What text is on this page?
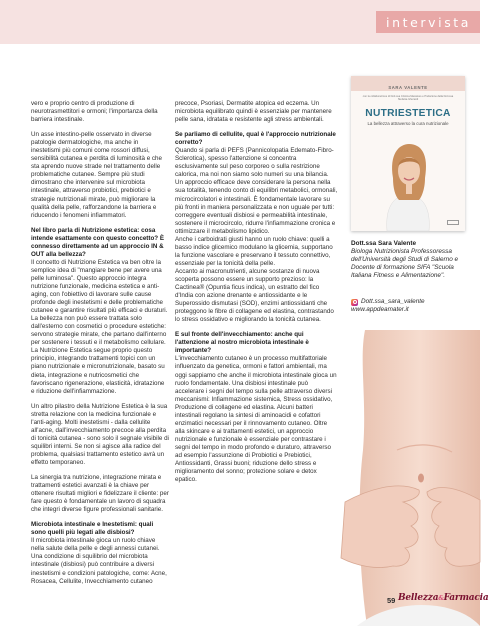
intervista

vero e proprio centro di produzione di neurotrasmettitori e ormoni; l'importanza della barriera intestinale.

Un asse intestino-pelle osservato in diverse patologie dermatologiche, ma anche in inestetismi più comuni come rossori diffusi, sensibilità cutanea e perdita di luminosità e che sta aprendo nuove strade nel trattamento delle problematiche cutanee. Sempre più studi dimostrano che intervenire sul microbiota intestinale, attraverso probiotici, prebiotici e strategie nutrizionali mirate, può migliorare la qualità della pelle, rafforzandone la barriera e riducendo i fenomeni infiammatori.

Nel libro parla di Nutrizione estetica: cosa intende esattamente con questo concetto? È connesso direttamente ad un approccio IN & OUT alla bellezza?

Il concetto di Nutrizione Estetica va ben oltre la semplice idea di "mangiare bene per avere una pelle luminosa". Questo approccio integra nutrizione funzionale, medicina estetica e anti-aging, con l'obiettivo di lavorare sulle cause profonde degli inestetismi e delle problematiche cutanee e garantire risultati più efficaci e duraturi. La bellezza non può essere trattata solo dall'esterno con cosmetici o procedure estetiche: servono strategie mirate, che partano dall'interno per sostenere i tessuti e il metabolismo cellulare. La Nutrizione Estetica segue proprio questo principio, integrando trattamenti topici con un piano nutrizionale e micronutrizionale, basato su dieta, integrazione e nutricosmetici che favoriscano rigenerazione, elasticità, idratazione e riduzione dell'infiammazione.

Un altro pilastro della Nutrizione Estetica è la sua stretta relazione con la medicina funzionale e l'anti-aging. Molti inestetismi - dalla cellulite all'acne, dall'invecchiamento precoce alla perdita di tonicità cutanea - sono solo il segnale visibile di squilibri interni. Se non si agisce alla radice del problema, qualsiasi trattamento estetico avrà un effetto temporaneo.

La sinergia tra nutrizione, integrazione mirata e trattamenti estetici avanzati è la chiave per ottenere risultati migliori e fidelizzare il cliente: per fare questo è fondamentale un lavoro di squadra che integri diverse figure professionali sanitarie.

Microbiota intestinale e Inestetismi: quali sono quelli più legati alle disbiosi?

Il microbiota intestinale gioca un ruolo chiave nella salute della pelle e degli annessi cutanei. Una condizione di squilibrio del microbiota intestinale (disbiosi) può contribuire a diversi inestetismi e condizioni patologiche, come: Acne, Rosacea, Cellulite, Invecchiamento cutaneo

precoce, Psoriasi, Dermatite atopica ed eczema. Un microbiota equilibrato quindi è essenziale per mantenere pelle sana, idratata e resistente agli stress ambientali.

Se parliamo di cellulite, qual è l'approccio nutrizionale corretto?

Quando si parla di PEFS (Pannicolopatia Edemato-Fibro-Sclerotica), spesso l'attenzione si concentra esclusivamente sul peso corporeo o sulla restrizione calorica, ma noi non siamo solo numeri su una bilancia. Un approccio efficace deve considerare la persona nella sua totalità, tenendo conto di equilibri metabolici, ormonali, microcircolatori e intestinali. È fondamentale lavorare su più fronti in maniera personalizzata e non uguale per tutti: correggere eventuali disbiosi e permeabilità intestinale, sostenere il microcircolo, ridurre l'infiammazione cronica e ottimizzare il metabolismo lipidico.

Anche i carboidrati giusti hanno un ruolo chiave: quelli a basso indice glicemico modulano la glicemia, supportano la funzione vascolare e preservano il tessuto connettivo, essenziale per la tonicità della pelle.

Accanto ai macronutrienti, alcune sostanze di nuova scoperta possono essere un supporto prezioso: la Cactinea® (Opuntia ficus indica), un estratto del fico d'India con azione drenante e antiossidante e le Superossido dismutasi (SOD), enzimi antiossidanti che proteggono le fibre di collagene ed elastina, contrastando lo stress ossidativo e migliorando la tonicità cutanea.

E sul fronte dell'invecchiamento: anche qui l'attenzione al nostro microbiota intestinale è importante?

L'invecchiamento cutaneo è un processo multifattoriale influenzato da genetica, ormoni e fattori ambientali, ma oggi sappiamo che anche il microbiota intestinale gioca un ruolo fondamentale. Una disbiosi intestinale può accelerare i segni del tempo sulla pelle attraverso diversi meccanismi: Infiammazione sistemica, Stress ossidativo, Produzione di collagene ed elastina. Alcuni batteri intestinali regolano la sintesi di aminoacidi e cofattori enzimatici necessari per il rinnovamento cutaneo. Oltre alla skincare e ai trattamenti estetici, un approccio nutrizionale e funzionale è essenziale per contrastare i segni del tempo in modo profondo e duraturo, attraverso ad esempio l'assunzione di Probiotici e Prebiotici, Antiossidanti, Grassi buoni; riduzione dello stress e miglioramento del sonno; protezione solare e detox epatico.

SARA VALENTE
con la collaborazione di Dott.ssa Cristina Macaluso e Prefazione della Dott.ssa Stefania Gherardi
NUTRIESTETICA
La bellezza attraverso la cura nutrizionale
Dott.ssa Sara Valente
Biologa Nutrizionista Professoressa dell'Università degli Studi di Salerno e Docente di formazione SIFA "Scuola Italiana Fitness e Alimentazione".
Dott.ssa_sara_valente
www.appdeamater.it
59 Bellezza&Farmacia
